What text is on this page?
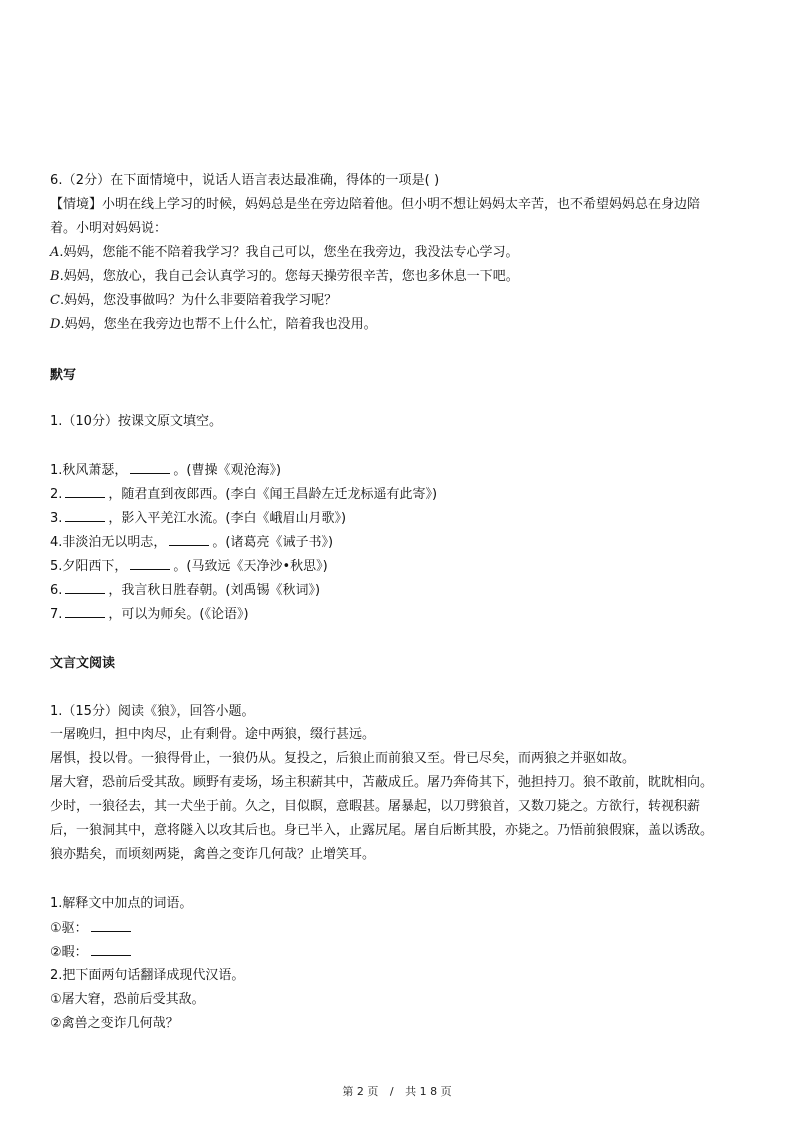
6.（2分）在下面情境中，说话人语言表达最准确，得体的一项是( )
【情境】小明在线上学习的时候，妈妈总是坐在旁边陪着他。但小明不想让妈妈太辛苦，也不希望妈妈总在身边陪
着。小明对妈妈说：
A.妈妈，您能不能不陪着我学习？我自己可以，您坐在我旁边，我没法专心学习。
B.妈妈，您放心，我自己会认真学习的。您每天操劳很辛苦，您也多休息一下吧。
C.妈妈，您没事做吗？为什么非要陪着我学习呢？
D.妈妈，您坐在我旁边也帮不上什么忙，陪着我也没用。
默写
1.（10分）按课文原文填空。
1.秋风萧瑟，	。(曹操《观沧海》)
2.	，随君直到夜郎西。(李白《闻王昌龄左迁龙标遥有此寄》)
3.	，影入平羌江水流。(李白《峨眉山月歌》)
4.非淡泊无以明志，	。(诸葛亮《诫子书》)
5.夕阳西下，	。(马致远《天净沙•秋思》)
6.	，我言秋日胜春朝。(刘禹锡《秋词》)
7.	，可以为师矣。(《论语》)
文言文阅读
1.（15分）阅读《狼》，回答小题。
一屠晚归，担中肉尽，止有剩骨。途中两狼，缀行甚远。
屠惧，投以骨。一狼得骨止，一狼仍从。复投之，后狼止而前狼又至。骨已尽矣，而两狼之并驱如故。
屠大窘，恐前后受其敌。顾野有麦场，场主积薪其中，苫蔽成丘。屠乃奔倚其下，弛担持刀。狼不敢前，眈眈相向。
少时，一狼径去，其一犬坐于前。久之，目似瞑，意暇甚。屠暴起，以刀劈狼首，又数刀毙之。方欲行，转视积薪
后，一狼洞其中，意将隧入以攻其后也。身已半入，止露尻尾。屠自后断其股，亦毙之。乃悟前狼假寐，盖以诱敌。
狼亦黠矣，而顷刻两毙，禽兽之变诈几何哉？止增笑耳。
1.解释文中加点的词语。
①驱：
②暇：
2.把下面两句话翻译成现代汉语。
①屠大窘，恐前后受其敌。
②禽兽之变诈几何哉？
第 2 页 / 共 1 8 页
